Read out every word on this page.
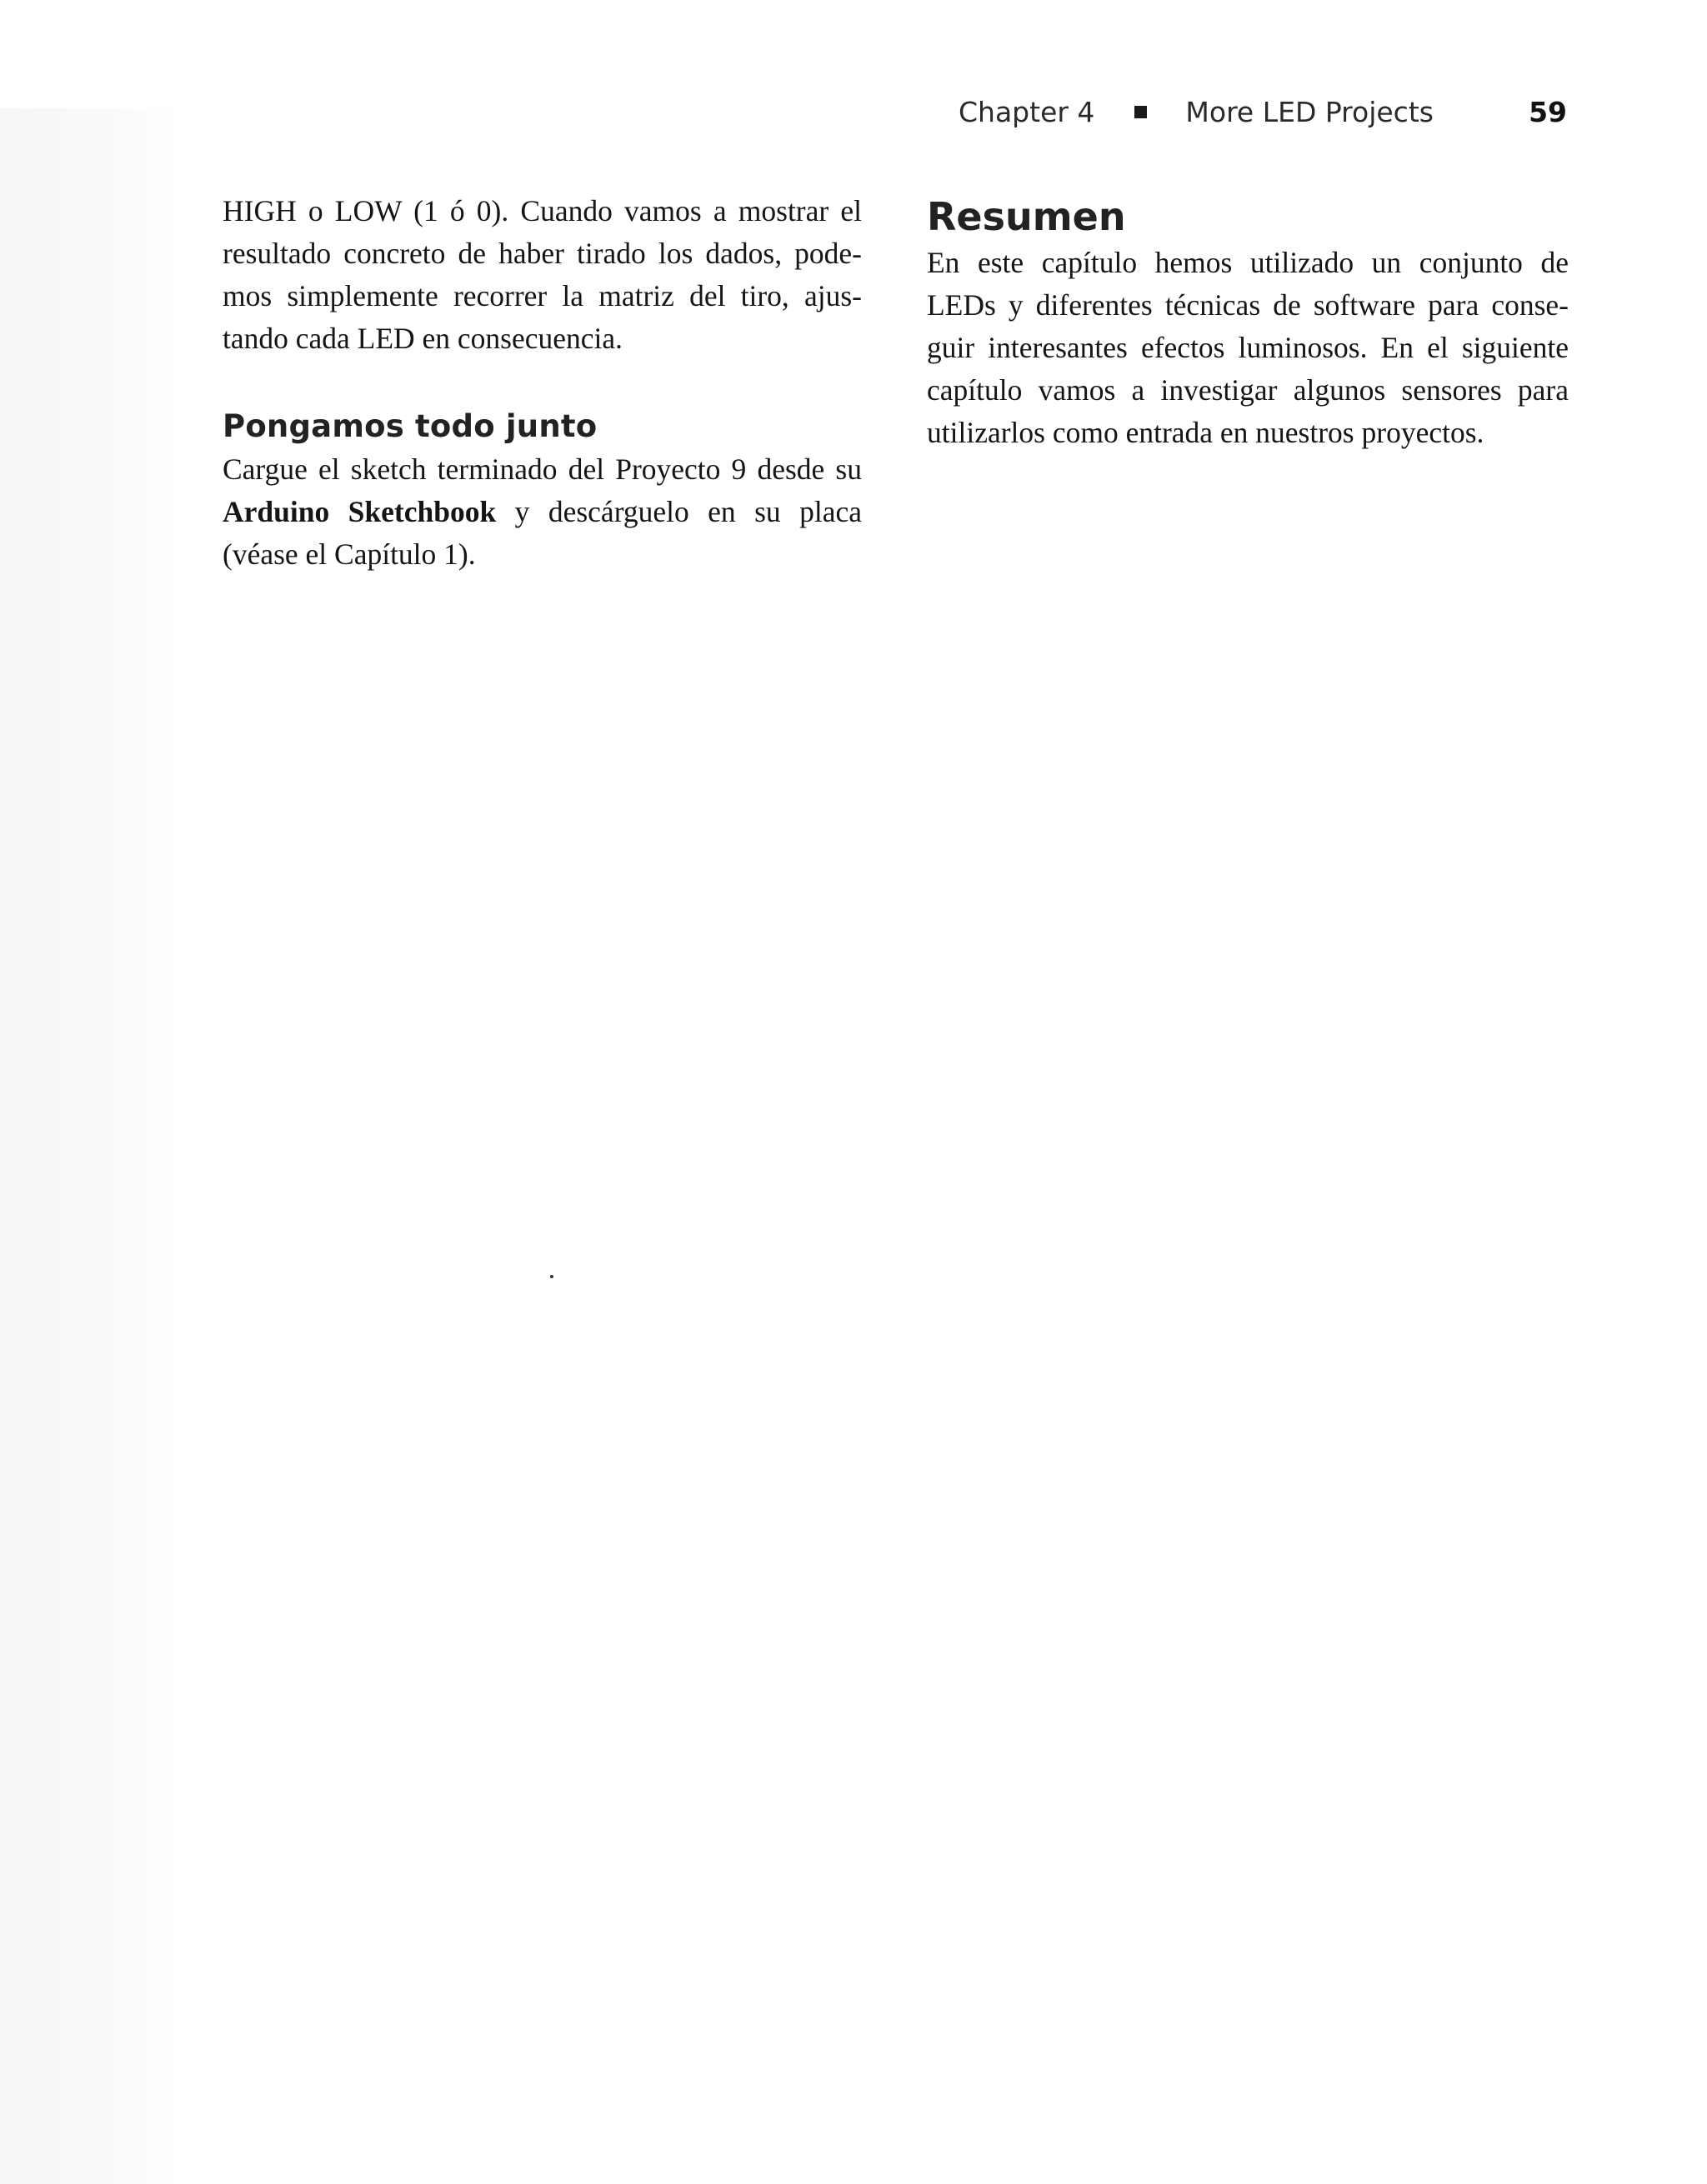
Chapter 4	More LED Projects	59

HIGH o LOW (1 ó 0). Cuando vamos a mostrar el resultado concreto de haber tirado los dados, podemos simplemente recorrer la matriz del tiro, ajustando cada LED en consecuencia.

Pongamos todo junto

Cargue el sketch terminado del Proyecto 9 desde su Arduino Sketchbook y descárguelo en su placa (véase el Capítulo 1).

Resumen

En este capítulo hemos utilizado un conjunto de LEDs y diferentes técnicas de software para conseguir interesantes efectos luminosos. En el siguiente capítulo vamos a investigar algunos sensores para utilizarlos como entrada en nuestros proyectos.
